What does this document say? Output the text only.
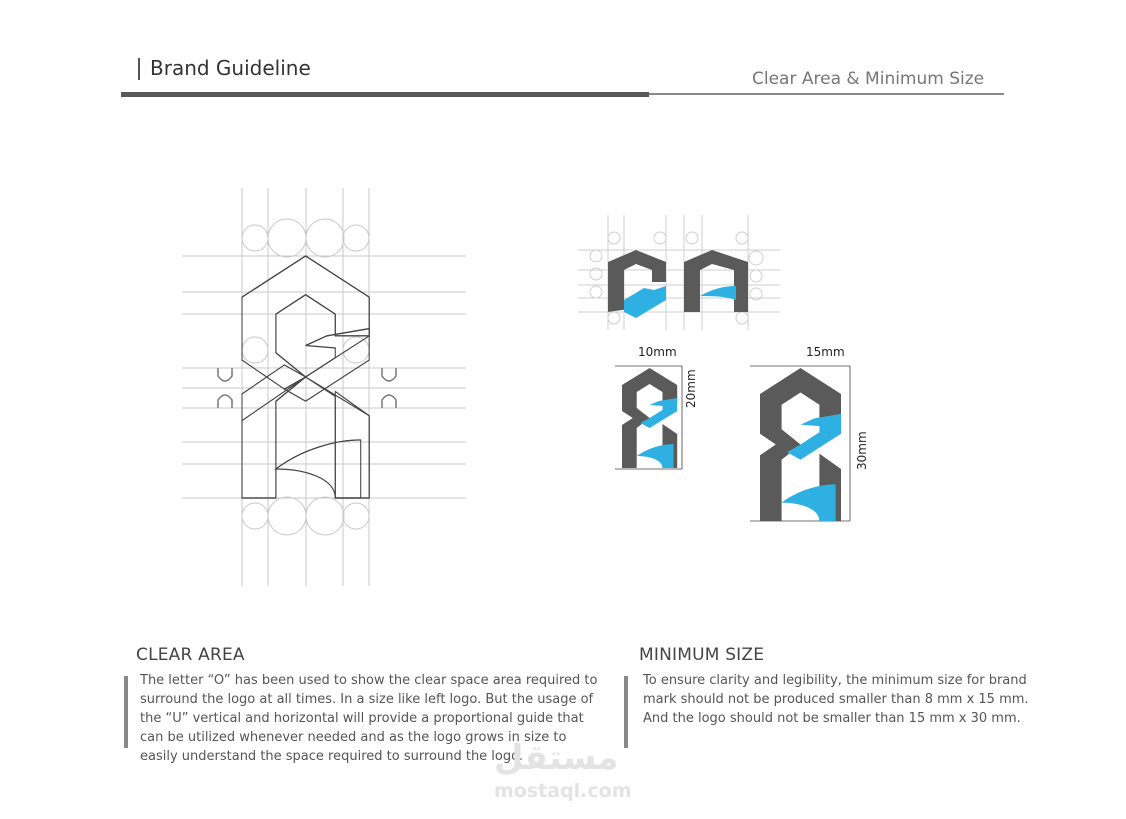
Brand Guideline	Clear Area & Minimum Size
10mm
20mm
15mm
30mm
CLEAR AREA
The letter “O” has been used to show the clear space area required to
surround the logo at all times. In a size like left logo. But the usage of
the “U” vertical and horizontal will provide a proportional guide that
can be utilized whenever needed and as the logo grows in size to
easily understand the space required to surround the logo.
MINIMUM SIZE
To ensure clarity and legibility, the minimum size for brand
mark should not be produced smaller than 8 mm x 15 mm.
And the logo should not be smaller than 15 mm x 30 mm.
مستقل
mostaql.com
